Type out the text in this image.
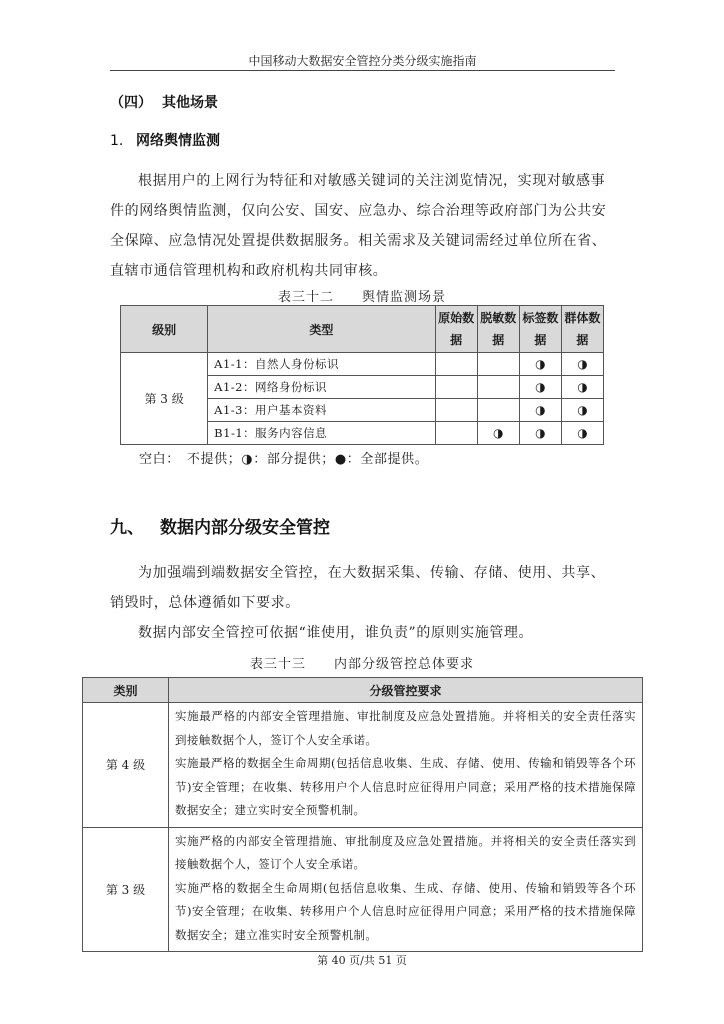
中国移动大数据安全管控分类分级实施指南
（四） 其他场景
1. 网络舆情监测
根据用户的上网行为特征和对敏感关键词的关注浏览情况，实现对敏感事件的网络舆情监测，仅向公安、国安、应急办、综合治理等政府部门为公共安全保障、应急情况处置提供数据服务。相关需求及关键词需经过单位所在省、直辖市通信管理机构和政府机构共同审核。
表三十二 舆情监测场景
级别	类型	原始数据	脱敏数据	标签数据	群体数据
第 3 级	A1-1：自然人身份标识			◑	◑
	A1-2：网络身份标识			◑	◑
	A1-3：用户基本资料			◑	◑
	B1-1：服务内容信息		◑	◑	◑
空白：　不提供；◑：部分提供；●：全部提供。
九、 数据内部分级安全管控
为加强端到端数据安全管控，在大数据采集、传输、存储、使用、共享、销毁时，总体遵循如下要求。
数据内部安全管控可依据“谁使用，谁负责”的原则实施管理。
表三十三 内部分级管控总体要求
类别	分级管控要求
第 4 级	实施最严格的内部安全管理措施、审批制度及应急处置措施。并将相关的安全责任落实到接触数据个人，签订个人安全承诺。
实施最严格的数据全生命周期(包括信息收集、生成、存储、使用、传输和销毁等各个环节)安全管理；在收集、转移用户个人信息时应征得用户同意；采用严格的技术措施保障数据安全；建立实时安全预警机制。

第 3 级	实施严格的内部安全管理措施、审批制度及应急处置措施。并将相关的安全责任落实到接触数据个人，签订个人安全承诺。
实施严格的数据全生命周期(包括信息收集、生成、存储、使用、传输和销毁等各个环节)安全管理；在收集、转移用户个人信息时应征得用户同意；采用严格的技术措施保障数据安全；建立准实时安全预警机制。
第 40 页/共 51 页
